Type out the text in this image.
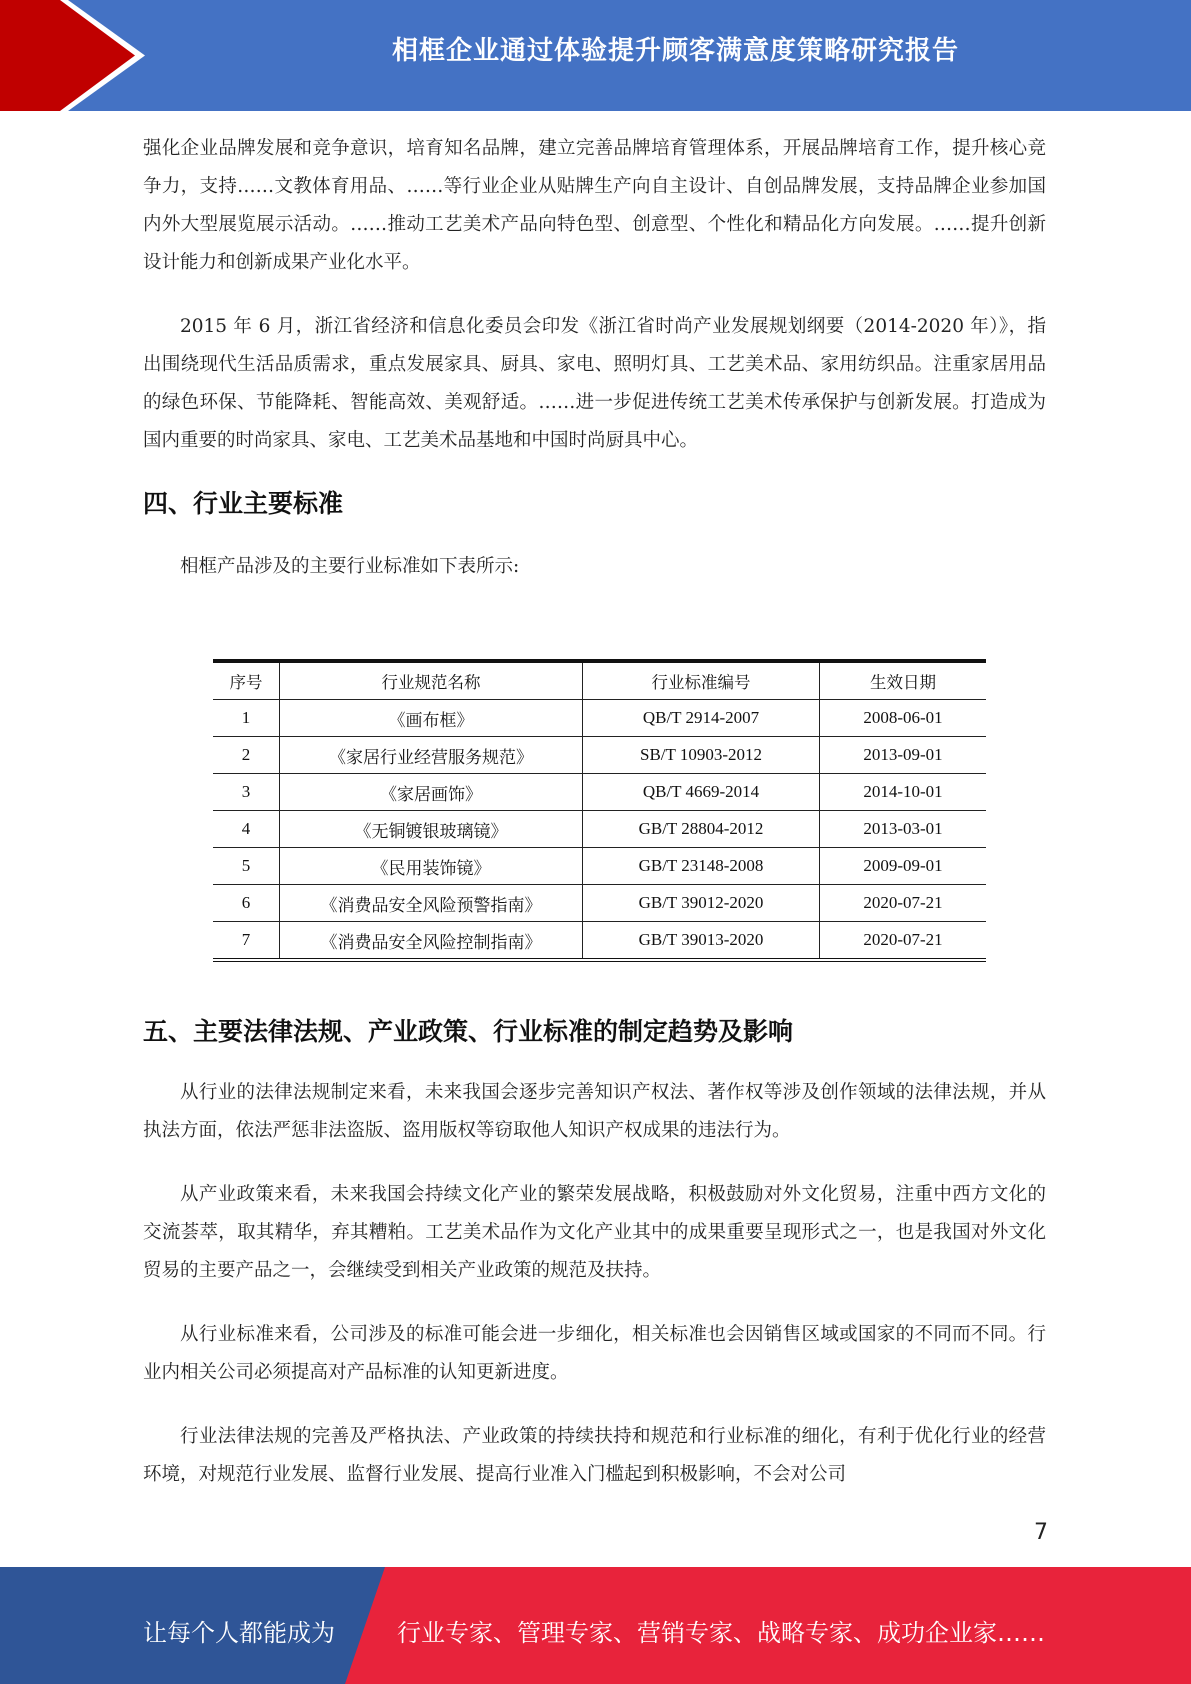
相框企业通过体验提升顾客满意度策略研究报告

强化企业品牌发展和竞争意识，培育知名品牌，建立完善品牌培育管理体系，开展品牌培育工作，提升核心竞争力，支持……文教体育用品、……等行业企业从贴牌生产向自主设计、自创品牌发展，支持品牌企业参加国内外大型展览展示活动。……推动工艺美术产品向特色型、创意型、个性化和精品化方向发展。……提升创新设计能力和创新成果产业化水平。

2015 年 6 月，浙江省经济和信息化委员会印发《浙江省时尚产业发展规划纲要（2014-2020 年）》，指出围绕现代生活品质需求，重点发展家具、厨具、家电、照明灯具、工艺美术品、家用纺织品。注重家居用品的绿色环保、节能降耗、智能高效、美观舒适。……进一步促进传统工艺美术传承保护与创新发展。打造成为国内重要的时尚家具、家电、工艺美术品基地和中国时尚厨具中心。

四、行业主要标准

相框产品涉及的主要行业标准如下表所示:

序号	行业规范名称	行业标准编号	生效日期
1	《画布框》	QB/T 2914-2007	2008-06-01
2	《家居行业经营服务规范》	SB/T 10903-2012	2013-09-01
3	《家居画饰》	QB/T 4669-2014	2014-10-01
4	《无铜镀银玻璃镜》	GB/T 28804-2012	2013-03-01
5	《民用装饰镜》	GB/T 23148-2008	2009-09-01
6	《消费品安全风险预警指南》	GB/T 39012-2020	2020-07-21
7	《消费品安全风险控制指南》	GB/T 39013-2020	2020-07-21
五、主要法律法规、产业政策、行业标准的制定趋势及影响

从行业的法律法规制定来看，未来我国会逐步完善知识产权法、著作权等涉及创作领域的法律法规，并从执法方面，依法严惩非法盗版、盗用版权等窃取他人知识产权成果的违法行为。

从产业政策来看，未来我国会持续文化产业的繁荣发展战略，积极鼓励对外文化贸易，注重中西方文化的交流荟萃，取其精华，弃其糟粕。工艺美术品作为文化产业其中的成果重要呈现形式之一，也是我国对外文化贸易的主要产品之一，会继续受到相关产业政策的规范及扶持。

从行业标准来看，公司涉及的标准可能会进一步细化，相关标准也会因销售区域或国家的不同而不同。行业内相关公司必须提高对产品标准的认知更新进度。

行业法律法规的完善及严格执法、产业政策的持续扶持和规范和行业标准的细化，有利于优化行业的经营环境，对规范行业发展、监督行业发展、提高行业准入门槛起到积极影响，不会对公司

7
让每个人都能成为	行业专家、管理专家、营销专家、战略专家、成功企业家……
